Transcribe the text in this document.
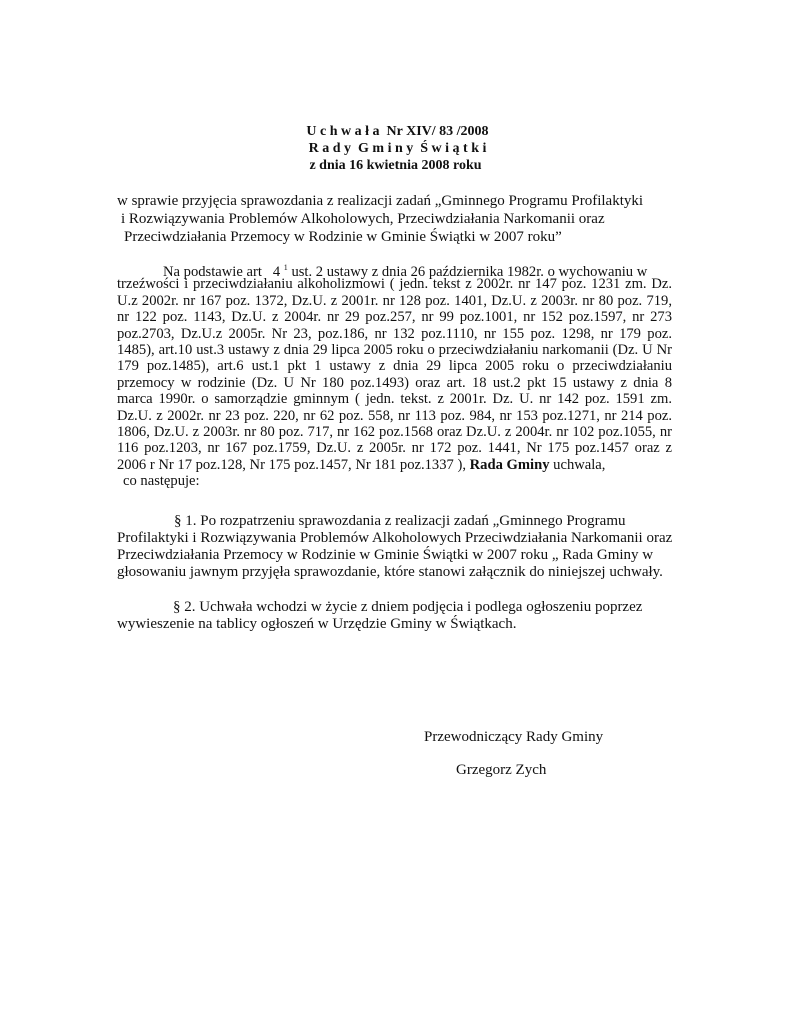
U c h w a ł a  Nr XIV/ 83 /2008
R a d y  G m i n y  Ś w i ą t k i
z dnia 16 kwietnia 2008 roku
w sprawie przyjęcia sprawozdania z realizacji zadań „Gminnego Programu Profilaktyki
i Rozwiązywania Problemów Alkoholowych, Przeciwdziałania Narkomanii oraz
Przeciwdziałania Przemocy w Rodzinie w Gminie Świątki w 2007 roku”
Na podstawie art   4 $^1$ ust. 2 ustawy z dnia 26 października 1982r. o wychowaniu w
trzeźwości i przeciwdziałaniu alkoholizmowi ( jedn. tekst z 2002r. nr 147 poz. 1231 zm. Dz.
U.z 2002r. nr 167 poz. 1372, Dz.U. z 2001r. nr 128 poz. 1401, Dz.U. z 2003r. nr 80 poz. 719,
nr 122 poz. 1143, Dz.U. z 2004r. nr 29 poz.257, nr 99 poz.1001, nr 152 poz.1597, nr 273
poz.2703, Dz.U.z 2005r. Nr 23, poz.186, nr 132 poz.1110, nr 155 poz. 1298, nr 179 poz.
1485), art.10 ust.3 ustawy z dnia 29 lipca 2005 roku o przeciwdziałaniu narkomanii (Dz. U Nr
179 poz.1485), art.6 ust.1 pkt 1 ustawy z dnia 29 lipca 2005 roku o przeciwdziałaniu
przemocy w rodzinie (Dz. U Nr 180 poz.1493) oraz art. 18 ust.2 pkt 15 ustawy z dnia 8
marca 1990r. o samorządzie gminnym ( jedn. tekst. z 2001r. Dz. U. nr 142 poz. 1591 zm.
Dz.U. z 2002r. nr 23 poz. 220, nr 62 poz. 558, nr 113 poz. 984, nr 153 poz.1271, nr 214 poz.
1806, Dz.U. z 2003r. nr 80 poz. 717, nr 162 poz.1568 oraz Dz.U. z 2004r. nr 102 poz.1055, nr
116 poz.1203, nr 167 poz.1759, Dz.U. z 2005r. nr 172 poz. 1441, Nr 175 poz.1457 oraz z
2006 r Nr 17 poz.128, Nr 175 poz.1457, Nr 181 poz.1337 ), Rada Gminy uchwala,
co następuje:
§ 1. Po rozpatrzeniu sprawozdania z realizacji zadań „Gminnego Programu
Profilaktyki i Rozwiązywania Problemów Alkoholowych Przeciwdziałania Narkomanii oraz
Przeciwdziałania Przemocy w Rodzinie w Gminie Świątki w 2007 roku „ Rada Gminy w
głosowaniu jawnym przyjęła sprawozdanie, które stanowi załącznik do niniejszej uchwały.
§ 2. Uchwała wchodzi w życie z dniem podjęcia i podlega ogłoszeniu poprzez
wywieszenie na tablicy ogłoszeń w Urzędzie Gminy w Świątkach.
Przewodniczący Rady Gminy
Grzegorz Zych
